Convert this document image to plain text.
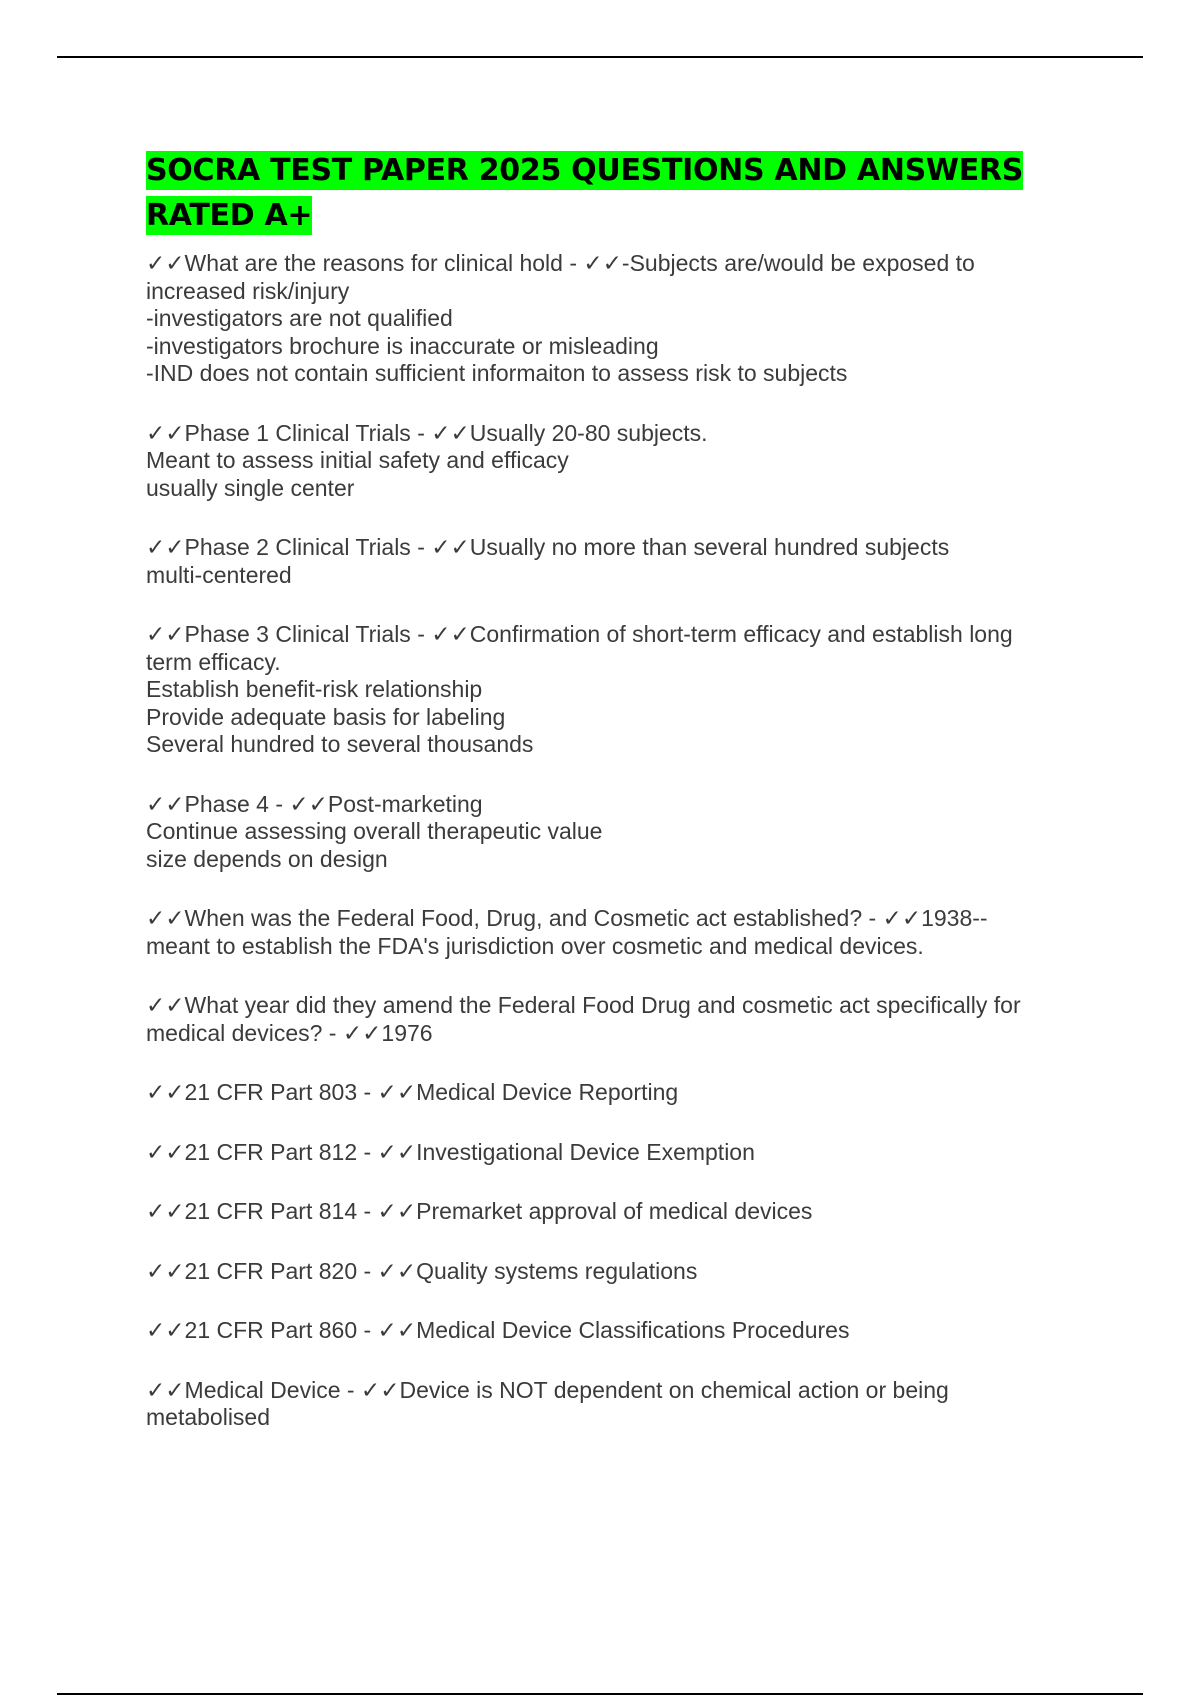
SOCRA TEST PAPER 2025 QUESTIONS AND ANSWERS
RATED A+
✓✓What are the reasons for clinical hold - ✓✓-Subjects are/would be exposed to
increased risk/injury
-investigators are not qualified
-investigators brochure is inaccurate or misleading
-IND does not contain sufficient informaiton to assess risk to subjects
✓✓Phase 1 Clinical Trials - ✓✓Usually 20-80 subjects.
Meant to assess initial safety and efficacy
usually single center
✓✓Phase 2 Clinical Trials - ✓✓Usually no more than several hundred subjects
multi-centered
✓✓Phase 3 Clinical Trials - ✓✓Confirmation of short-term efficacy and establish long
term efficacy.
Establish benefit-risk relationship
Provide adequate basis for labeling
Several hundred to several thousands
✓✓Phase 4 - ✓✓Post-marketing
Continue assessing overall therapeutic value
size depends on design
✓✓When was the Federal Food, Drug, and Cosmetic act established? - ✓✓1938--
meant to establish the FDA's jurisdiction over cosmetic and medical devices.
✓✓What year did they amend the Federal Food Drug and cosmetic act specifically for
medical devices? - ✓✓1976
✓✓21 CFR Part 803 - ✓✓Medical Device Reporting
✓✓21 CFR Part 812 - ✓✓Investigational Device Exemption
✓✓21 CFR Part 814 - ✓✓Premarket approval of medical devices
✓✓21 CFR Part 820 - ✓✓Quality systems regulations
✓✓21 CFR Part 860 - ✓✓Medical Device Classifications Procedures
✓✓Medical Device - ✓✓Device is NOT dependent on chemical action or being
metabolised
